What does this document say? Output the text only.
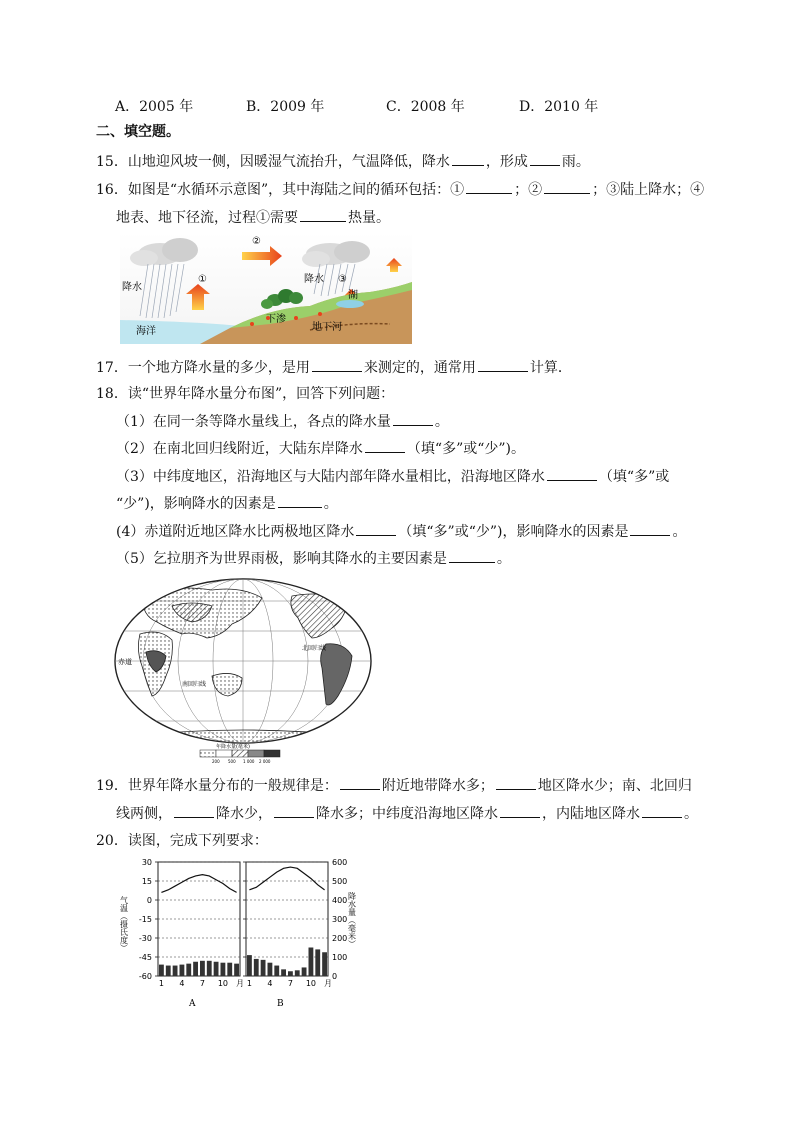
A．2005 年	B．2009 年	C．2008 年	D．2010 年
二、填空题。
15．山地迎风坡一侧，因暖湿气流抬升，气温降低，降水	，形成 雨。
16．如图是“水循环示意图”，其中海陆之间的循环包括：①	；②	；③陆上降水；④
地表、地下径流，过程①需要	热量。
降水
①
②
降水 ③
海洋
下渗
湖
地下河
17．一个地方降水量的多少，是用	来测定的，通常用	计算．
18．读“世界年降水量分布图”，回答下列问题：
（1）在同一条等降水量线上，各点的降水量	。
（2）在南北回归线附近，大陆东岸降水	（填“多”或“少”)。
（3）中纬度地区，沿海地区与大陆内部年降水量相比，沿海地区降水	（填“多”或
“少”)，影响降水的因素是	。
(4）赤道附近地区降水比两极地区降水	（填“多”或“少”)，影响降水的因素是	。
（5）乞拉朋齐为世界雨极，影响其降水的主要因素是	。
赤道
北回归线
南回归线
年降水量(毫米)
200 500 1 000 2 000
19．世界年降水量分布的一般规律是：	附近地带降水多；	地区降水少；南、北回归
线两侧，	降水少，	降水多；中纬度沿海地区降水	，内陆地区降水	。
20．读图，完成下列要求：
30
15
0
-15
-30
-45
-60
600
500
400
300
200
100
0
气温（摄氏度）	降水量（毫米）
1 4 7 10 月
A
1 4 7 10 月
B
